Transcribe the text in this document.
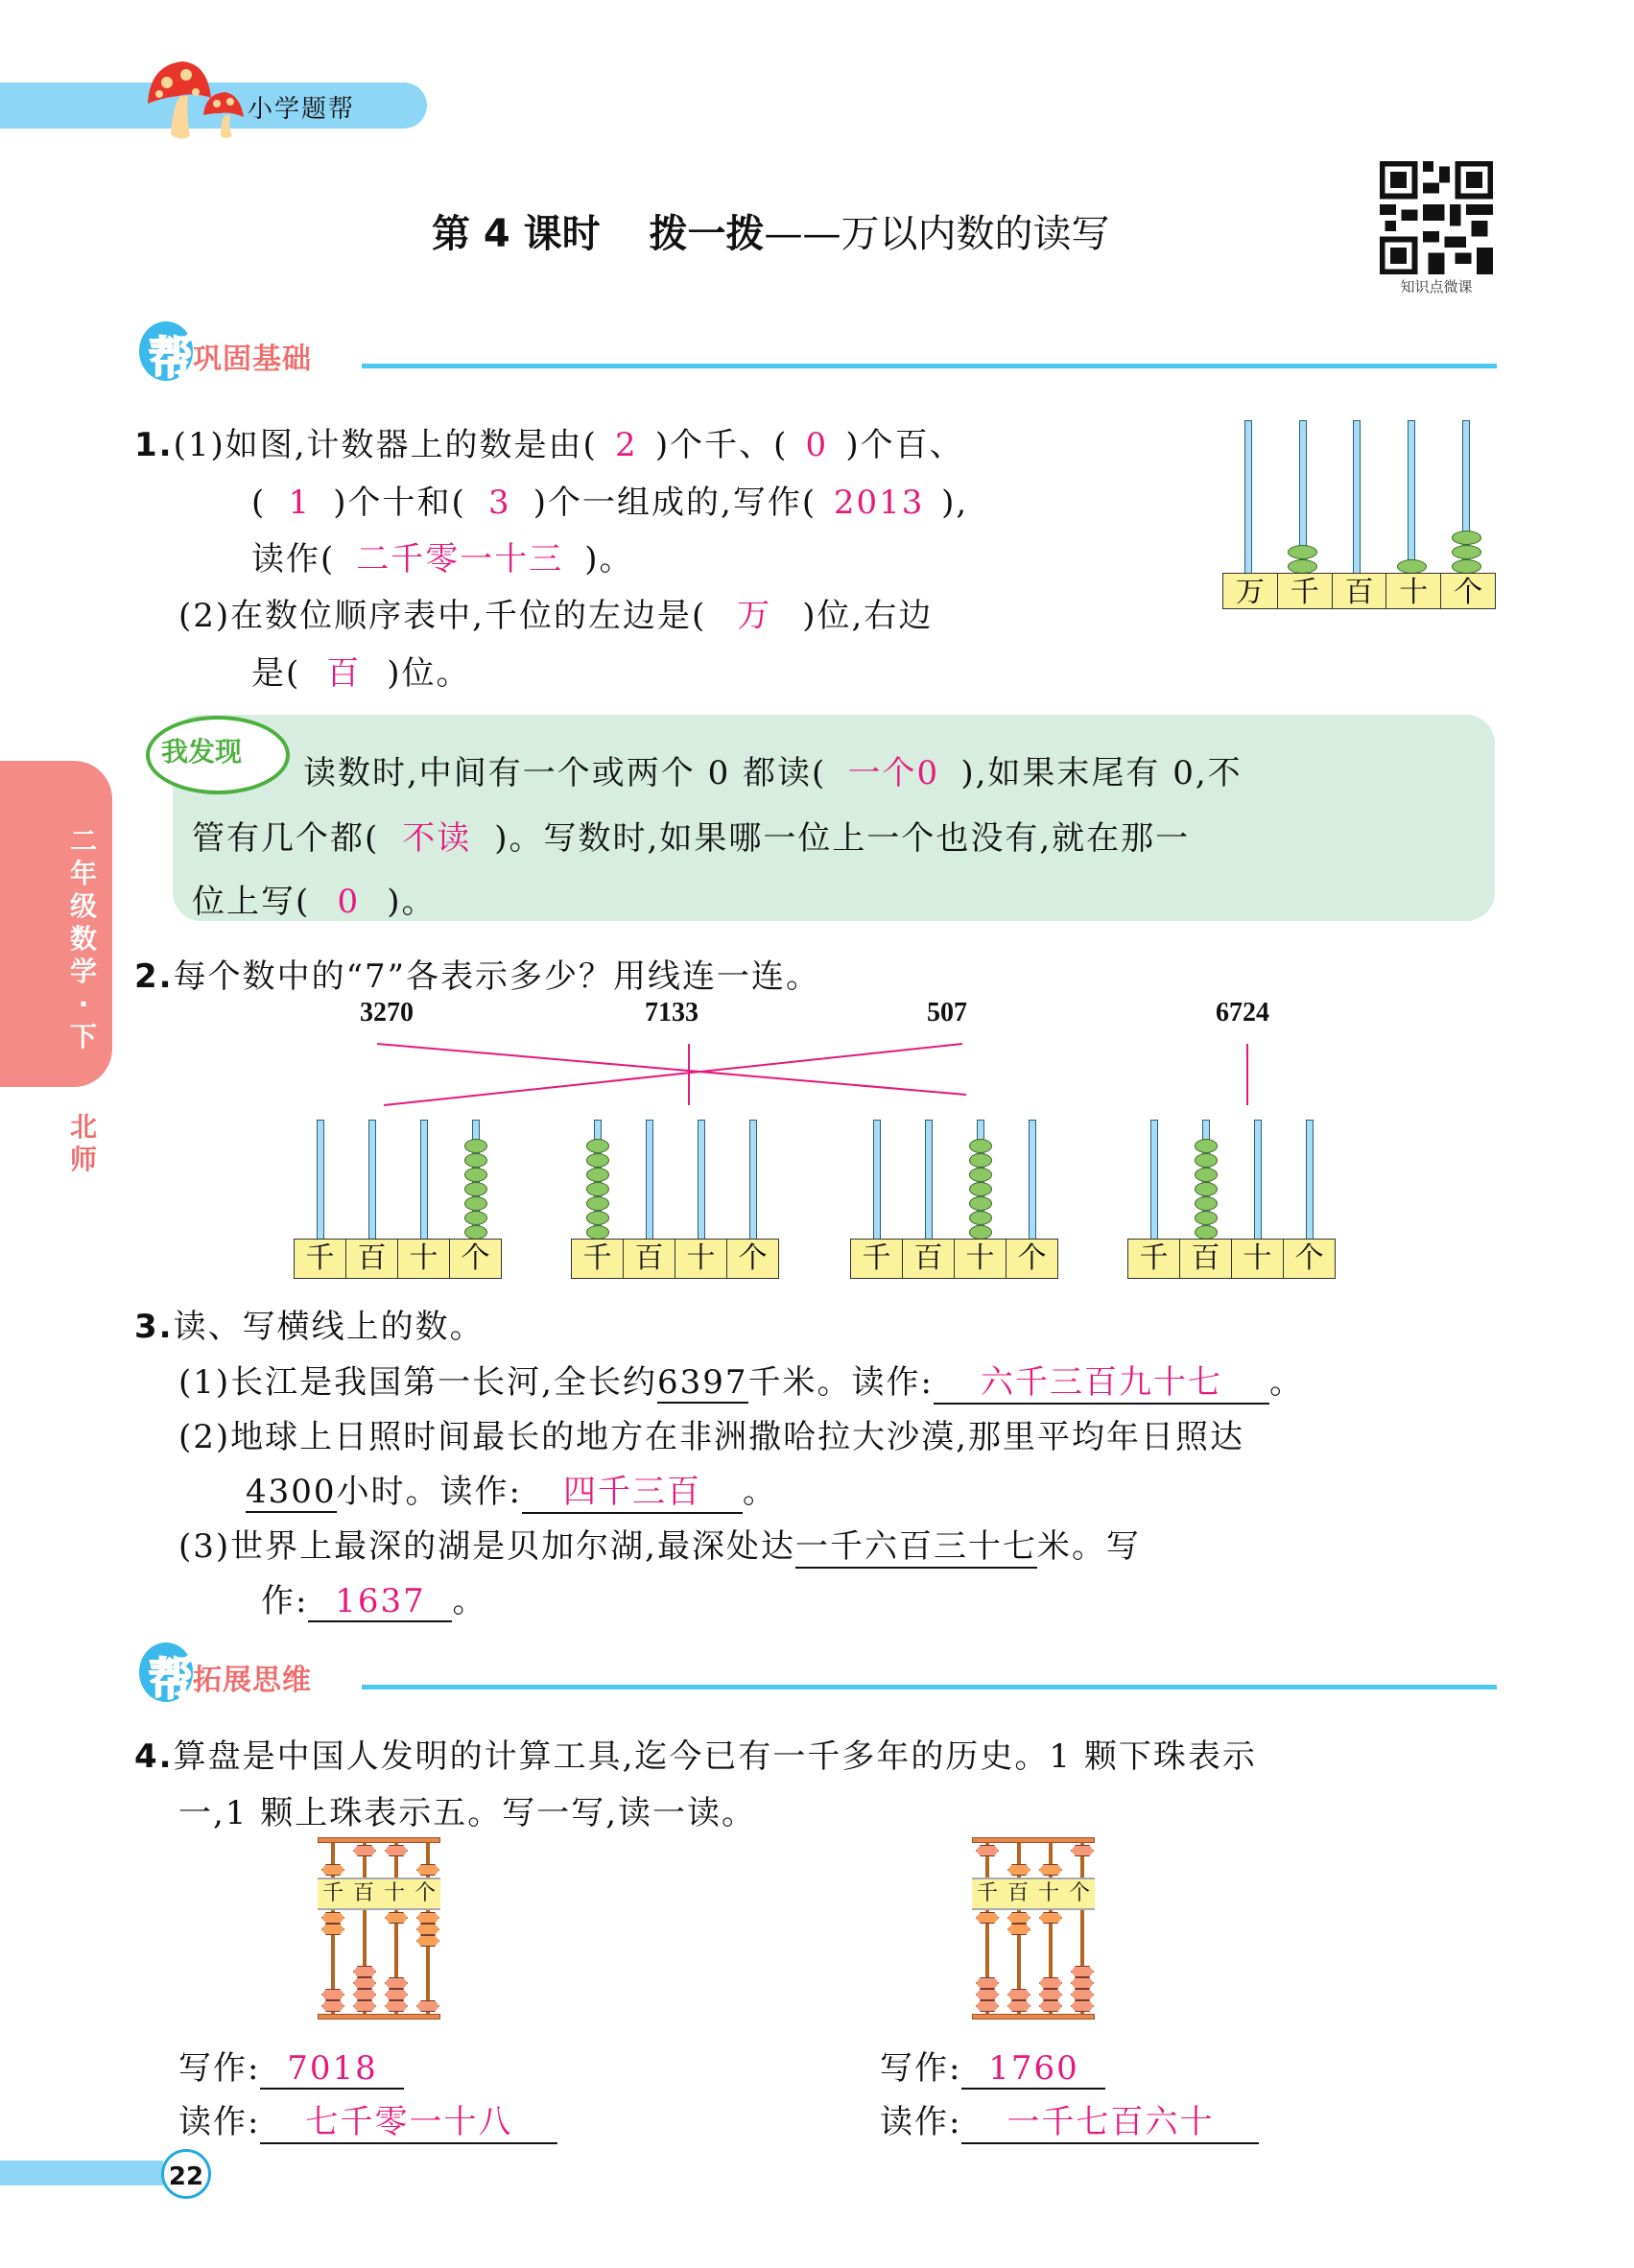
小学题帮
第 4 课时 拨一拨——万以内数的读写
知识点微课
二
年
级
数
学
·
下
北
师
帮 巩固基础
1.(1)如图,计数器上的数是由( 2 )个千、( 0 )个百、
( 1 )个十和( 3 )个一组成的,写作( 2013 ),
读作( 二千零一十三 )。
(2)在数位顺序表中,千位的左边是( 万 )位,右边
是( 百 )位。
万 千 百 十 个
我发现
读数时,中间有一个或两个 0 都读( 一个0 ),如果末尾有 0,不
管有几个都( 不读 )。写数时,如果哪一位上一个也没有,就在那一
位上写( 0 )。
2.每个数中的“7”各表示多少？用线连一连。
3270	7133	507	6724
千 百 十 个	千 百 十 个	千 百 十 个	千 百 十 个
3.读、写横线上的数。
(1)长江是我国第一长河,全长约6397千米。读作: 六千三百九十七 。
(2)地球上日照时间最长的地方在非洲撒哈拉大沙漠,那里平均年日照达
4300小时。读作: 四千三百 。
(3)世界上最深的湖是贝加尔湖,最深处达一千六百三十七米。写
作: 1637 。
帮 拓展思维
4.算盘是中国人发明的计算工具,迄今已有一千多年的历史。1 颗下珠表示
一,1 颗上珠表示五。写一写,读一读。
千 百 十 个	千 百 十 个
写作: 7018
读作: 七千零一十八
写作: 1760
读作: 一千七百六十
22
